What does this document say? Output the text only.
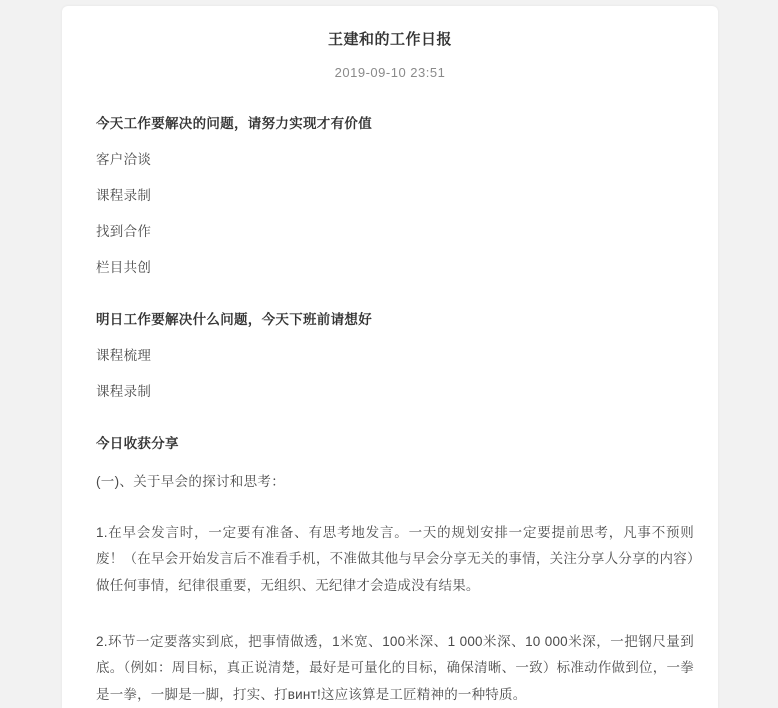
王建和的工作日报
2019-09-10 23:51
今天工作要解决的问题，请努力实现才有价值
客户洽谈
课程录制
找到合作
栏目共创
明日工作要解决什么问题，今天下班前请想好
课程梳理
课程录制
今日收获分享
(一)、关于早会的探讨和思考：
1.在早会发言时，一定要有准备、有思考地发言。一天的规划安排一定要提前思考，凡事不预则废！（在早会开始发言后不准看手机，不准做其他与早会分享无关的事情，关注分享人分享的内容）做任何事情，纪律很重要，无组织、无纪律才会造成没有结果。
2.环节一定要落实到底，把事情做透，1米宽、100米深、1 000米深、10 000米深，一把钢尺量到底。（例如：周目标，真正说清楚，最好是可量化的目标，确保清晰、一致）标准动作做到位，一拳是一拳，一脚是一脚，打实、打винт!这应该算是工匠精神的一种特质。
